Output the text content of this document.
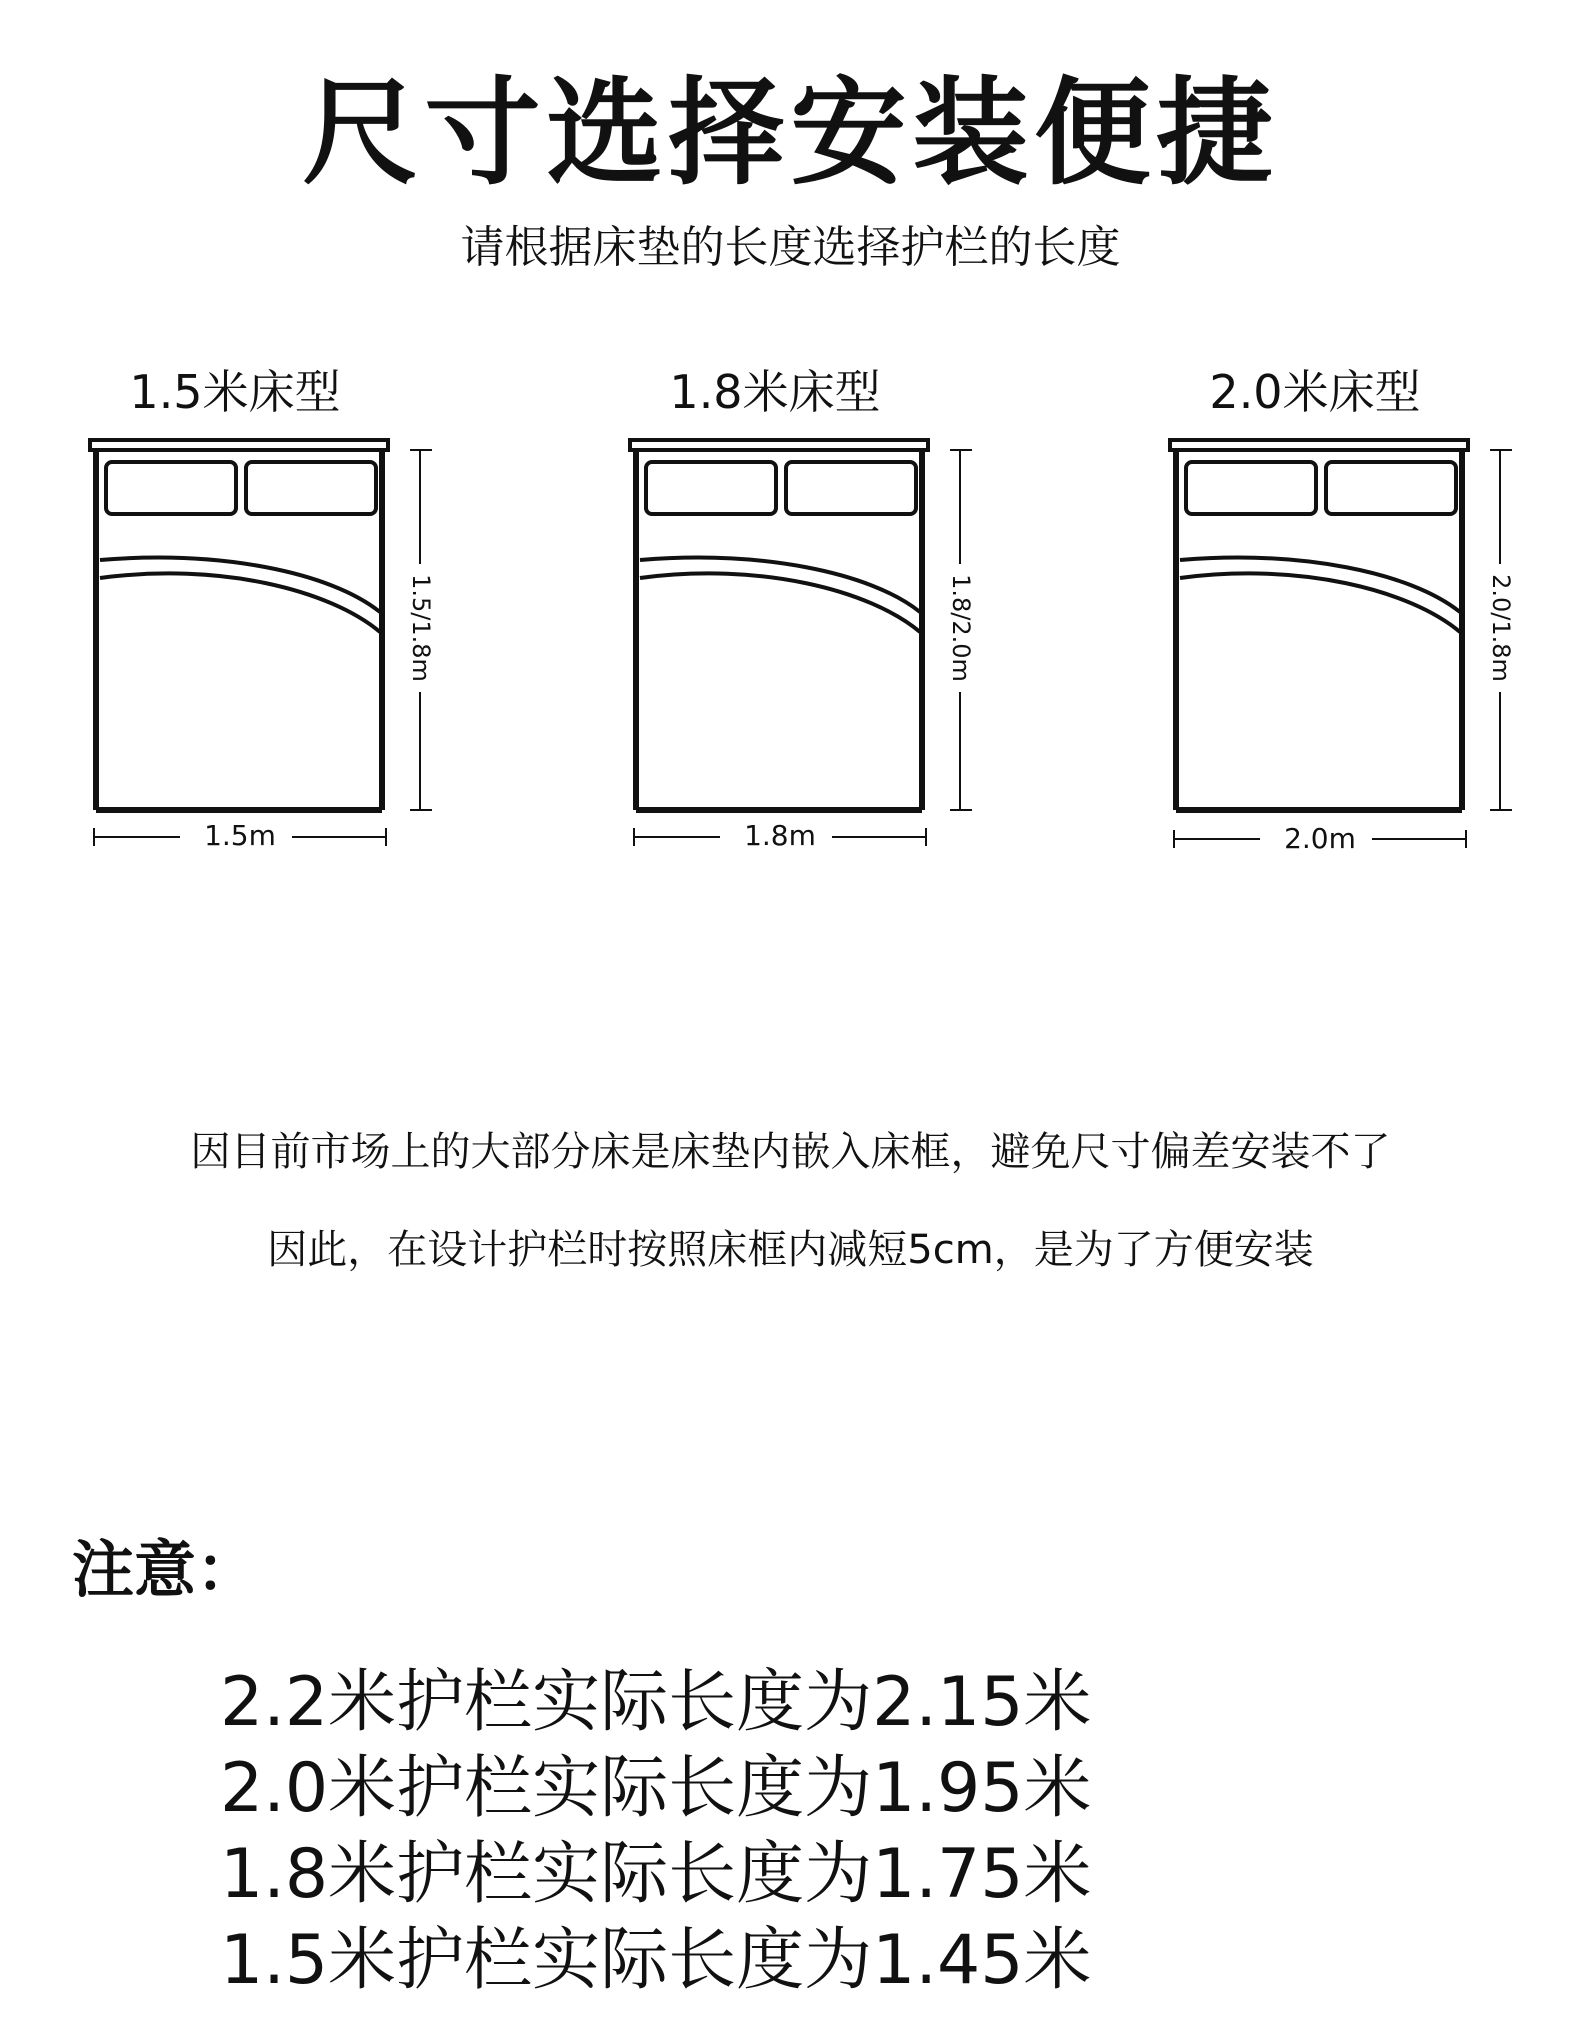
尺寸选择安装便捷
请根据床垫的长度选择护栏的长度
1.5米床型
1.5/1.8m
1.5m
1.8米床型
1.8/2.0m
1.8m
2.0米床型
2.0/1.8m
2.0m
因目前市场上的大部分床是床垫内嵌入床框，避免尺寸偏差安装不了
因此，在设计护栏时按照床框内减短5cm，是为了方便安装
注意：
2.2米护栏实际长度为2.15米
2.0米护栏实际长度为1.95米
1.8米护栏实际长度为1.75米
1.5米护栏实际长度为1.45米
